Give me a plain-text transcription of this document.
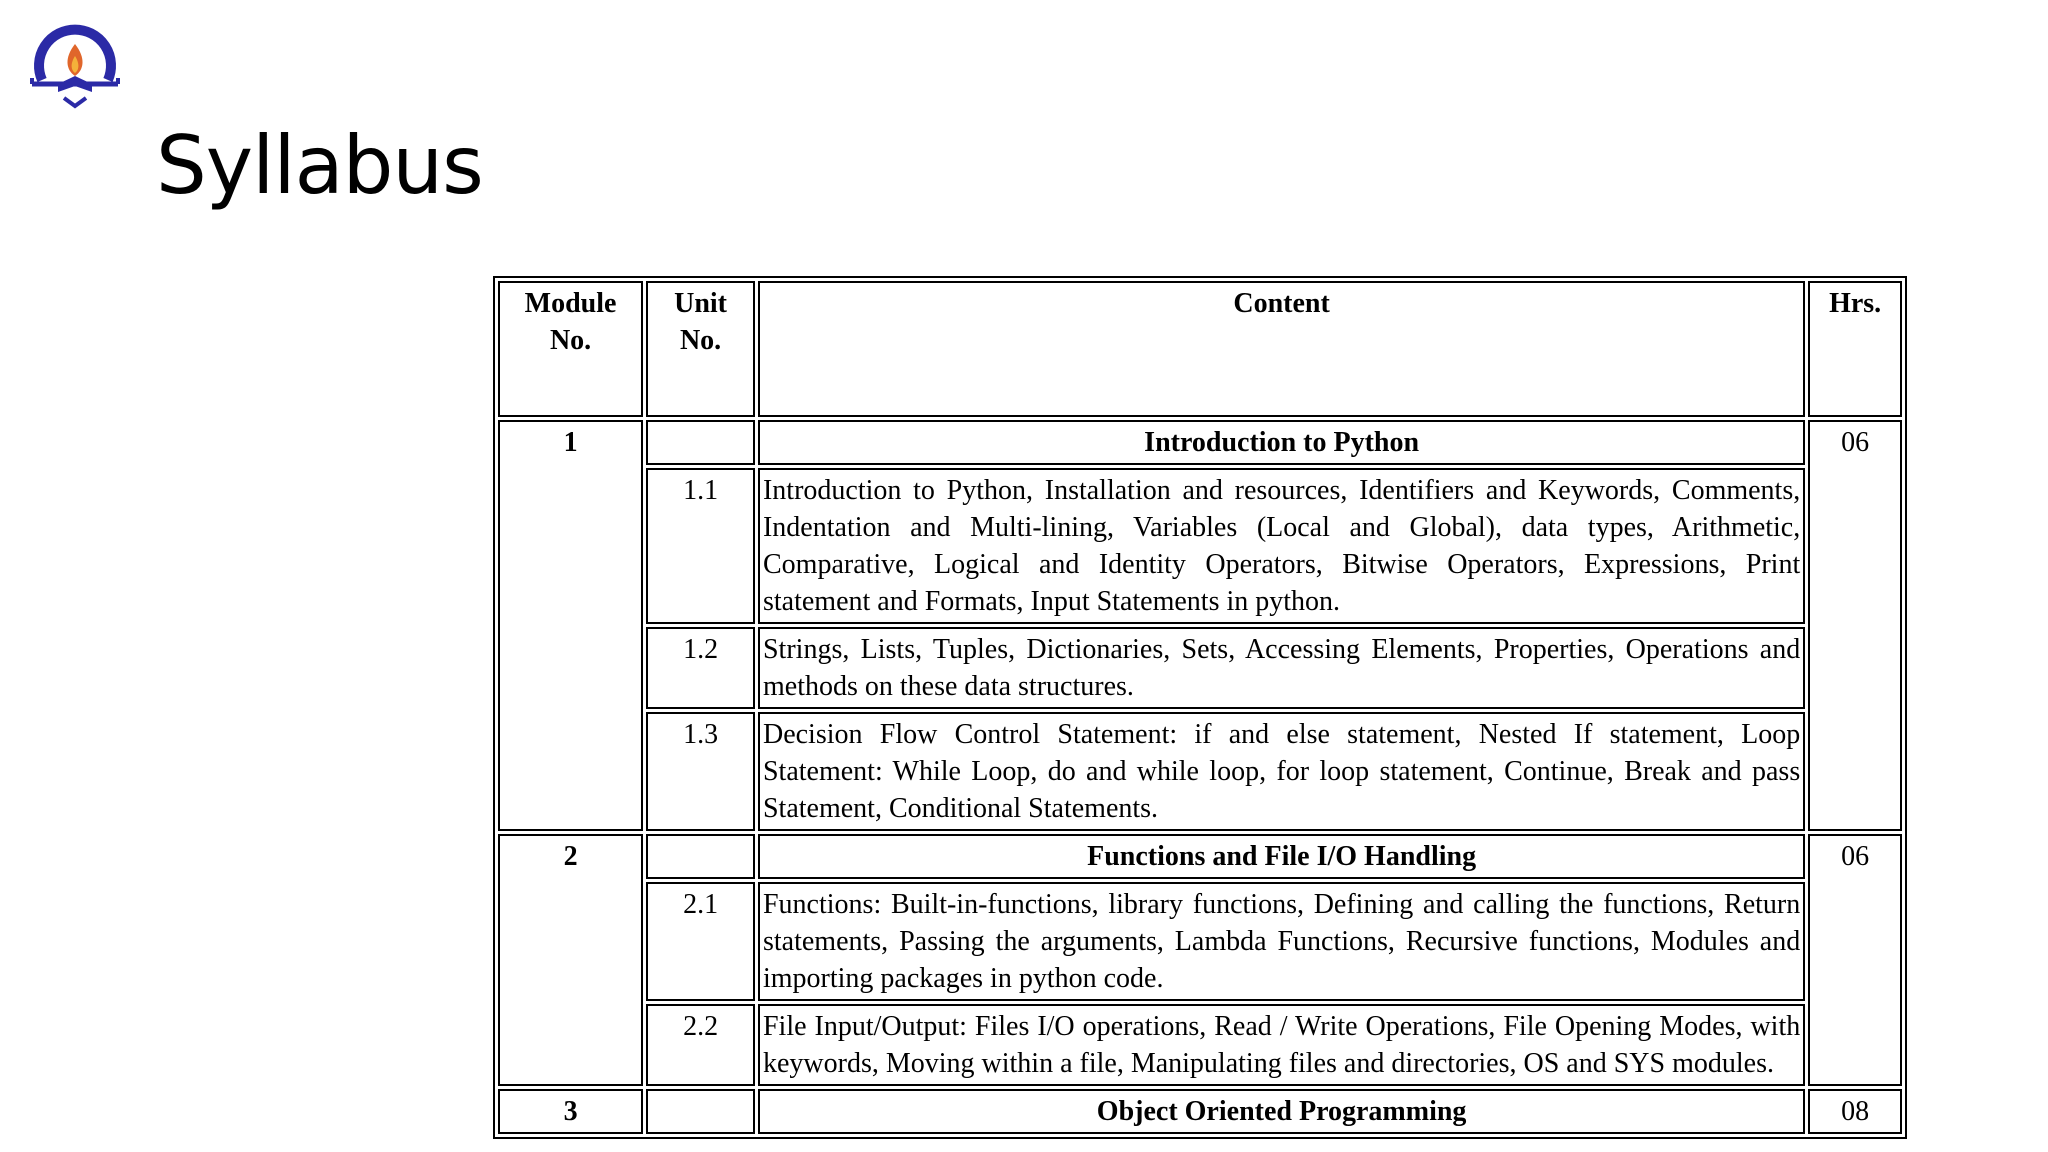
Syllabus
Module No.	Unit No.	Content	Hrs.
1		Introduction to Python	06
	1.1	Introduction to Python, Installation and resources, Identifiers and Keywords, Comments, Indentation and Multi-lining, Variables (Local and Global), data types, Arithmetic, Comparative, Logical and Identity Operators, Bitwise Operators, Expressions, Print statement and Formats, Input Statements in python.	
	1.2	Strings, Lists, Tuples, Dictionaries, Sets, Accessing Elements, Properties, Operations and methods on these data structures.	
	1.3	Decision Flow Control Statement: if and else statement, Nested If statement, Loop Statement: While Loop, do and while loop, for loop statement, Continue, Break and pass Statement, Conditional Statements.	
2		Functions and File I/O Handling	06
	2.1	Functions: Built-in-functions, library functions, Defining and calling the functions, Return statements, Passing the arguments, Lambda Functions, Recursive functions, Modules and importing packages in python code.	
	2.2	File Input/Output: Files I/O operations, Read / Write Operations, File Opening Modes, with keywords, Moving within a file, Manipulating files and directories, OS and SYS modules.	
3		Object Oriented Programming	08
